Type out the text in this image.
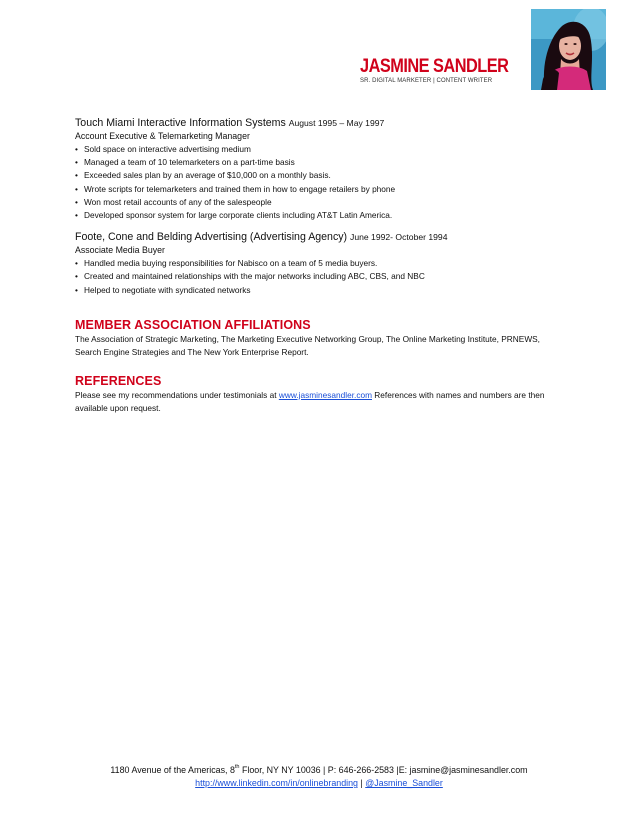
JASMINE SANDLER
SR. DIGITAL MARKETER | CONTENT WRITER
Touch Miami Interactive Information Systems August 1995 – May 1997
Account Executive & Telemarketing Manager
• Sold space on interactive advertising medium
• Managed a team of 10 telemarketers on a part-time basis
• Exceeded sales plan by an average of $10,000 on a monthly basis.
• Wrote scripts for telemarketers and trained them in how to engage retailers by phone
• Won most retail accounts of any of the salespeople
• Developed sponsor system for large corporate clients including AT&T Latin America.
Foote, Cone and Belding Advertising (Advertising Agency) June 1992- October 1994
Associate Media Buyer
• Handled media buying responsibilities for Nabisco on a team of 5 media buyers.
• Created and maintained relationships with the major networks including ABC, CBS, and NBC
• Helped to negotiate with syndicated networks
MEMBER ASSOCIATION AFFILIATIONS
The Association of Strategic Marketing, The Marketing Executive Networking Group, The Online Marketing Institute, PRNEWS, Search Engine Strategies and The New York Enterprise Report.
REFERENCES
Please see my recommendations under testimonials at www.jasminesandler.com References with names and numbers are then available upon request.
1180 Avenue of the Americas, 8th Floor, NY NY 10036 | P: 646-266-2583 |E: jasmine@jasminesandler.com
http://www.linkedin.com/in/onlinebranding | @Jasmine_Sandler
